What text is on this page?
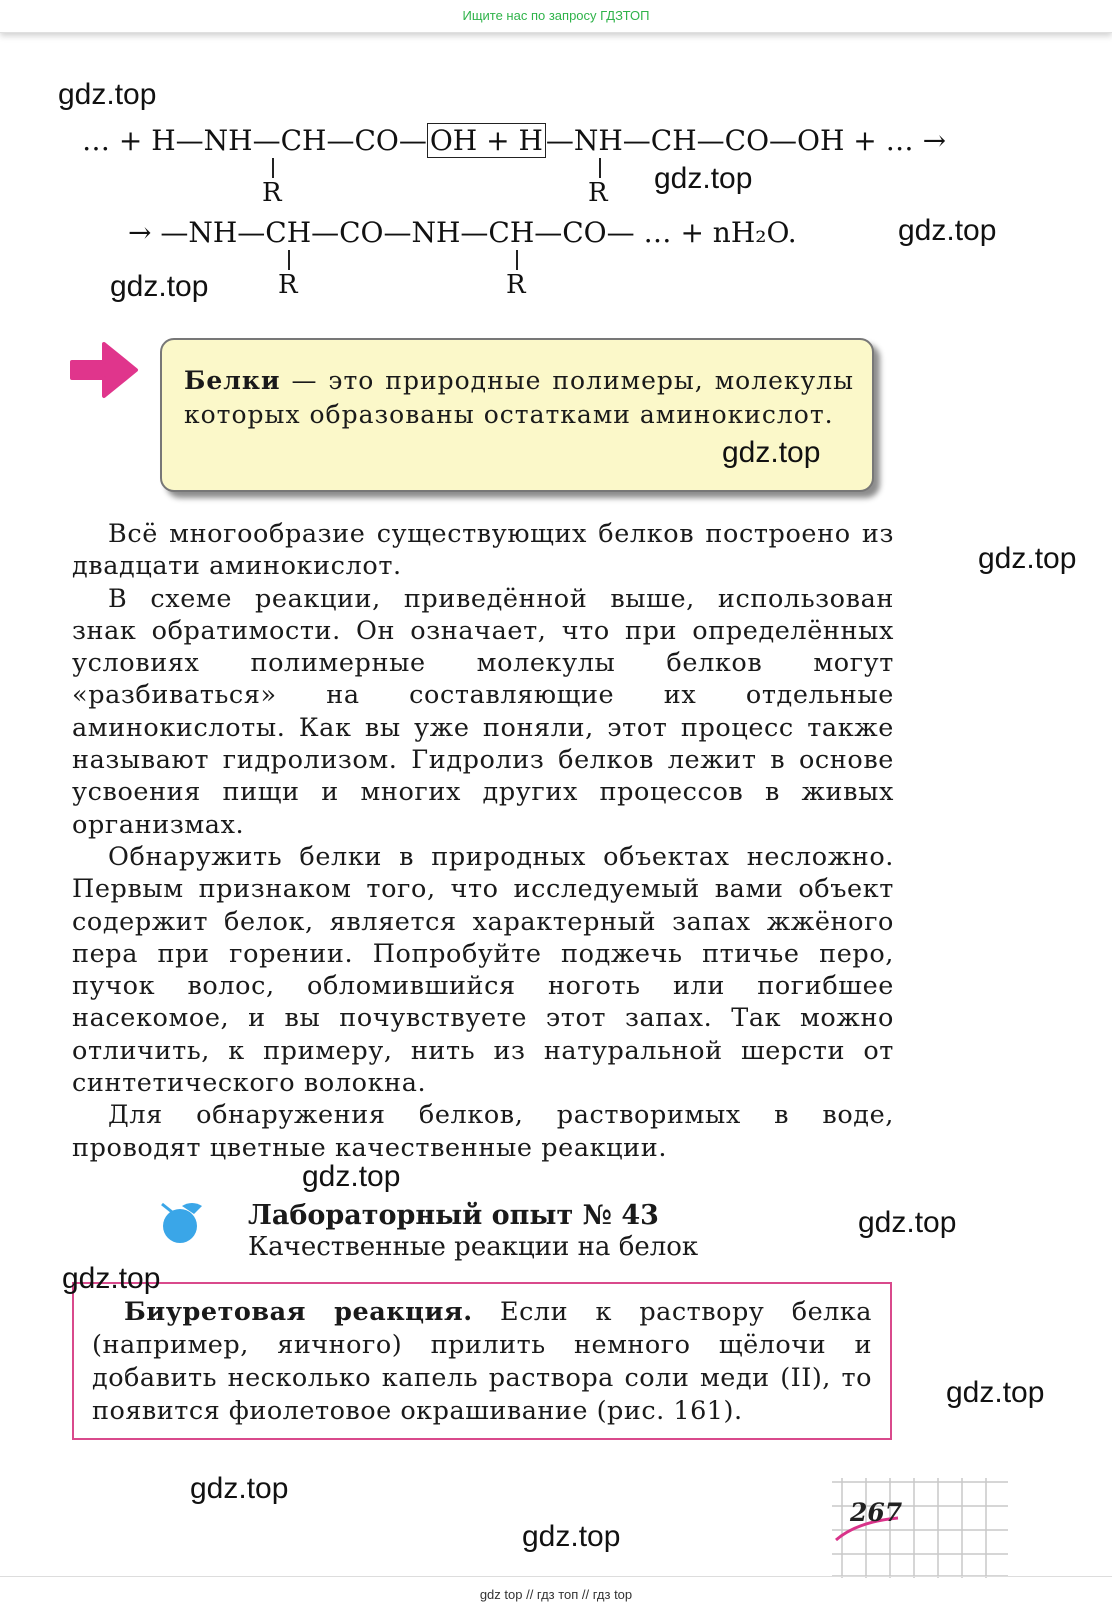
Ищите нас по запросу ГДЗТОП
… + H—NH—CH—CO— OH + H —NH—CH—CO—OH + … →
R	R
→ —NH—CH—CO—NH—CH—CO— … + nH₂O.
R	R

Белки — это природные полимеры, молекулы которых образованы остатками аминокислот.

Всё многообразие существующих белков построено из двадцати аминокислот.

В схеме реакции, приведённой выше, использован знак обратимости. Он означает, что при определённых условиях полимерные молекулы белков могут «разбиваться» на составляющие их отдельные аминокислоты. Как вы уже поняли, этот процесс также называют гидролизом. Гидролиз белков лежит в основе усвоения пищи и многих других процессов в живых организмах.

Обнаружить белки в природных объектах несложно. Первым признаком того, что исследуемый вами объект содержит белок, является характерный запах жжёного пера при горении. Попробуйте поджечь птичье перо, пучок волос, обломившийся ноготь или погибшее насекомое, и вы почувствуете этот запах. Так можно отличить, к примеру, нить из натуральной шерсти от синтетического волокна.

Для обнаружения белков, растворимых в воде, проводят цветные качественные реакции.

Лабораторный опыт № 43
Качественные реакции на белок

Биуретовая реакция. Если к раствору белка (например, яичного) прилить немного щёлочи и добавить несколько капель раствора соли меди (II), то появится фиолетовое окрашивание (рис. 161).

267
gdz.top
gdz.top
gdz.top
gdz.top
gdz.top
gdz.top
gdz.top
gdz.top
gdz.top
gdz.top
gdz.top
gdz.top
gdz top // гдз топ // гдз top
